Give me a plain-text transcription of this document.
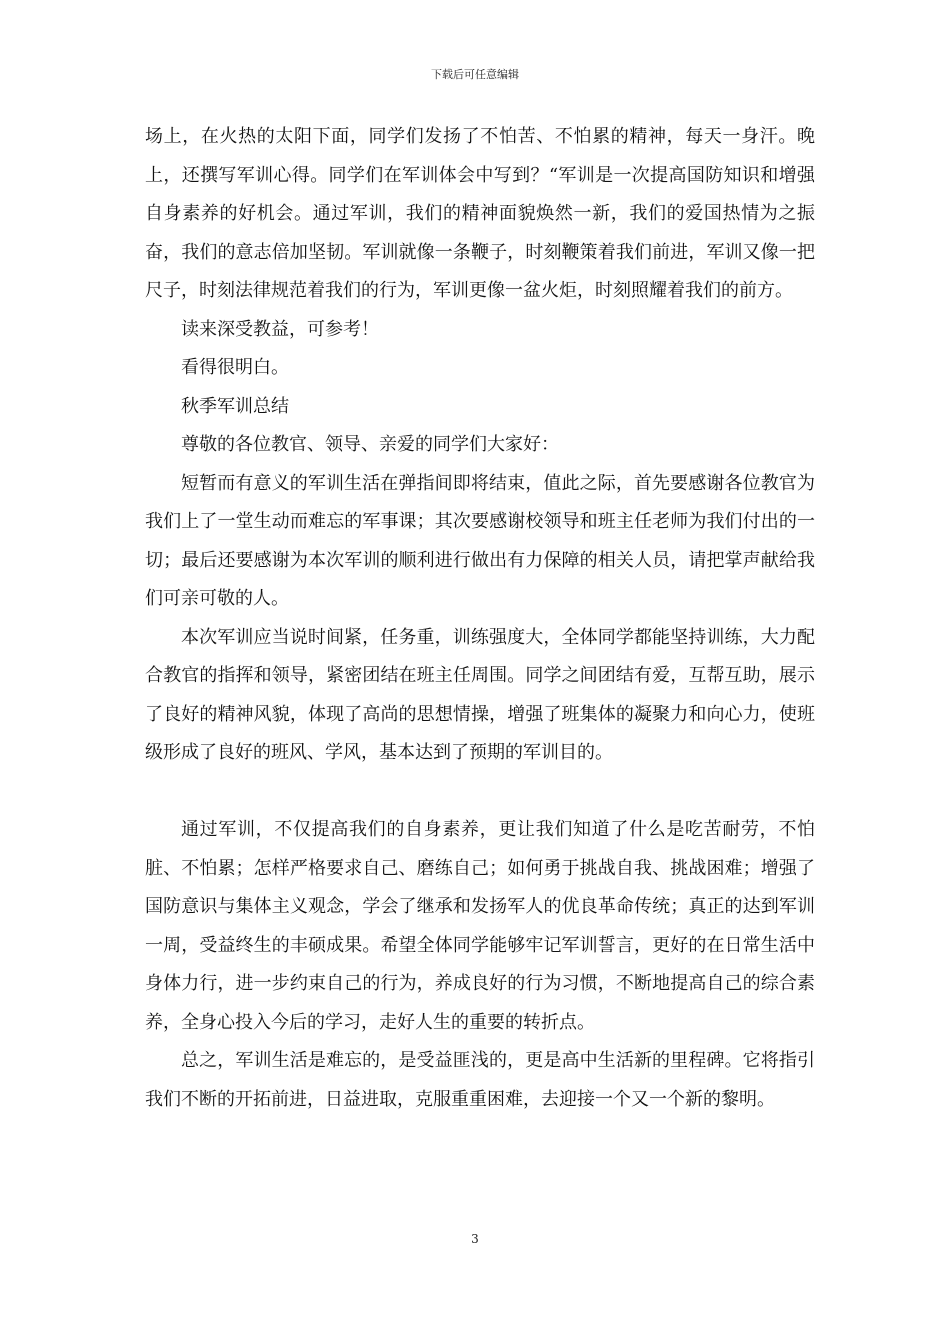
下载后可任意编辑

场上，在火热的太阳下面，同学们发扬了不怕苦、不怕累的精神，每天一身汗。晚上，还撰写军训心得。同学们在军训体会中写到？“军训是一次提高国防知识和增强自身素养的好机会。通过军训，我们的精神面貌焕然一新，我们的爱国热情为之振奋，我们的意志倍加坚韧。军训就像一条鞭子，时刻鞭策着我们前进，军训又像一把尺子，时刻法律规范着我们的行为，军训更像一盆火炬，时刻照耀着我们的前方。

读来深受教益，可参考！

看得很明白。

秋季军训总结

尊敬的各位教官、领导、亲爱的同学们大家好：

短暂而有意义的军训生活在弹指间即将结束，值此之际，首先要感谢各位教官为我们上了一堂生动而难忘的军事课；其次要感谢校领导和班主任老师为我们付出的一切；最后还要感谢为本次军训的顺利进行做出有力保障的相关人员，请把掌声献给我们可亲可敬的人。

本次军训应当说时间紧，任务重，训练强度大，全体同学都能坚持训练，大力配合教官的指挥和领导，紧密团结在班主任周围。同学之间团结有爱，互帮互助，展示了良好的精神风貌，体现了高尚的思想情操，增强了班集体的凝聚力和向心力，使班级形成了良好的班风、学风，基本达到了预期的军训目的。

通过军训，不仅提高我们的自身素养，更让我们知道了什么是吃苦耐劳，不怕脏、不怕累；怎样严格要求自己、磨练自己；如何勇于挑战自我、挑战困难；增强了国防意识与集体主义观念，学会了继承和发扬军人的优良革命传统；真正的达到军训一周，受益终生的丰硕成果。希望全体同学能够牢记军训誓言，更好的在日常生活中身体力行，进一步约束自己的行为，养成良好的行为习惯，不断地提高自己的综合素养，全身心投入今后的学习，走好人生的重要的转折点。

总之，军训生活是难忘的，是受益匪浅的，更是高中生活新的里程碑。它将指引我们不断的开拓前进，日益进取，克服重重困难，去迎接一个又一个新的黎明。

3
